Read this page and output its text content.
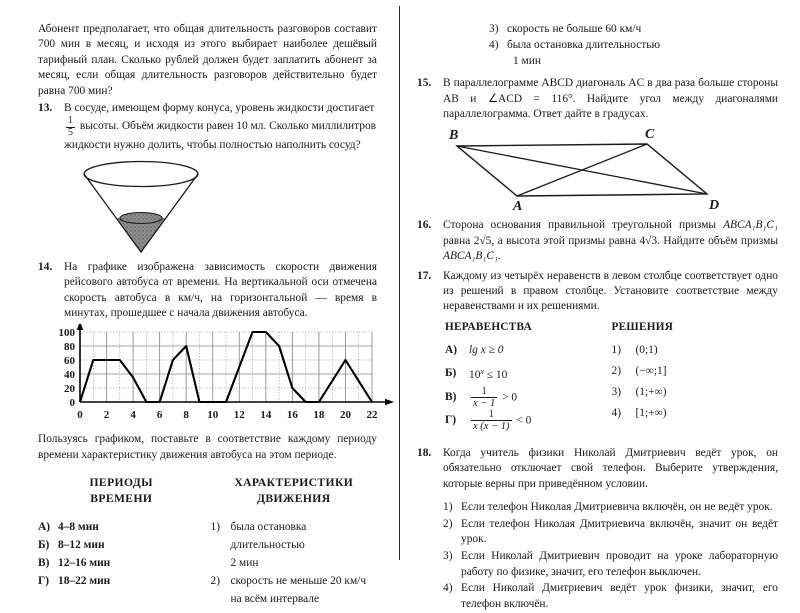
Абонент предполагает, что общая длительность разговоров составит 700 мин в месяц, и исходя из этого выбирает наиболее дешёвый тарифный план. Сколько рублей должен будет заплатить абонент за месяц, если общая длительность разговоров действительно будет равна 700 мин?
13.	В сосуде, имеющем форму конуса, уровень жидкости достигает

$\frac{1}{5}$ высоты. Объём жидкости равен 10 мл. Сколько миллилитров
жидкости нужно долить, чтобы полностью наполнить сосуд?
14.	На графике изображена зависимость скорости движения рейсового автобуса от времени. На вертикальной оси отмечена скорость автобуса в км/ч, на горизонтальной — время в минутах, прошедшее с начала движения автобуса.
0 2 4 6 8 10 12 14 16 18 20 22
0
20
40
60
80
100
Пользуясь графиком, поставьте в соответствие каждому периоду времени характеристику движения автобуса на этом периоде.
ПЕРИОДЫ
ВРЕМЕНИ
А) 4–8 мин
Б) 8–12 мин
В) 12–16 мин
Г) 18–22 мин
ХАРАКТЕРИСТИКИ
ДВИЖЕНИЯ
1) была остановка длительностью
2 мин
2) скорость не меньше 20 км/ч
на всём интервале
3) скорость не больше 60 км/ч
4) была остановка длительностью
1 мин
15.	В параллелограмме ABCD диагональ AC в два раза больше стороны AB и ∠ACD = 116°. Найдите угол между диагоналями параллелограмма. Ответ дайте в градусах.
B	C
A	D
16.	Сторона основания правильной треугольной призмы ABCA₁B₁C₁ равна 2√5, а высота этой призмы равна 4√3. Найдите объём призмы ABCA₁B₁C₁.
17.	Каждому из четырёх неравенств в левом столбце соответствует одно из решений в правом столбце. Установите соответствие между неравенствами и их решениями.
НЕРАВЕНСТВА
А)	lg x ≥ 0
Б)	$10^x \le 10$
В)	$\frac{1}{x - 1} > 0$
Г)	$\frac{1}{x (x - 1)} < 0$
РЕШЕНИЯ
1)	(0;1)
2)	(−∞;1]
3)	(1;+∞)
4)	[1;+∞)
18.	Когда учитель физики Николай Дмитриевич ведёт урок, он обязательно отключает свой телефон. Выберите утверждения, которые верны при приведённом условии.
1) Если телефон Николая Дмитриевича включён, он не ведёт урок.
2) Если телефон Николая Дмитриевича включён, значит он ведёт урок.
3) Если Николай Дмитриевич проводит на уроке лабораторную работу по физике, значит, его телефон выключен.
4) Если Николай Дмитриевич ведёт урок физики, значит, его телефон включён.
